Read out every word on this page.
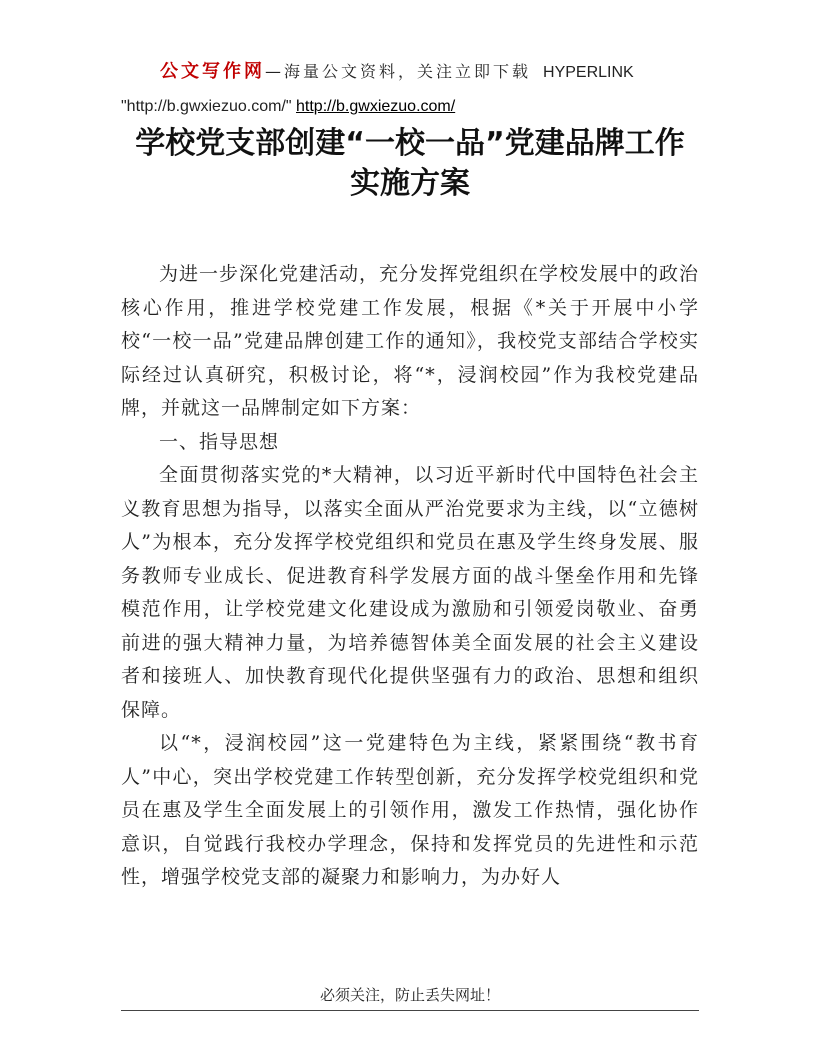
公文写作网—海量公文资料，关注立即下载 HYPERLINK
"http://b.gwxiezuo.com/" http://b.gwxiezuo.com/
学校党支部创建“一校一品”党建品牌工作实施方案

为进一步深化党建活动，充分发挥党组织在学校发展中的政治核心作用，推进学校党建工作发展，根据《*关于开展中小学校“一校一品”党建品牌创建工作的通知》，我校党支部结合学校实际经过认真研究，积极讨论，将“*，浸润校园”作为我校党建品牌，并就这一品牌制定如下方案：

一、指导思想

全面贯彻落实党的*大精神，以习近平新时代中国特色社会主义教育思想为指导，以落实全面从严治党要求为主线，以“立德树人”为根本，充分发挥学校党组织和党员在惠及学生终身发展、服务教师专业成长、促进教育科学发展方面的战斗堡垒作用和先锋模范作用，让学校党建文化建设成为激励和引领爱岗敬业、奋勇前进的强大精神力量，为培养德智体美全面发展的社会主义建设者和接班人、加快教育现代化提供坚强有力的政治、思想和组织保障。

以“*，浸润校园”这一党建特色为主线，紧紧围绕“教书育人”中心，突出学校党建工作转型创新，充分发挥学校党组织和党员在惠及学生全面发展上的引领作用，激发工作热情，强化协作意识，自觉践行我校办学理念，保持和发挥党员的先进性和示范性，增强学校党支部的凝聚力和影响力，为办好人

必须关注，防止丢失网址！
